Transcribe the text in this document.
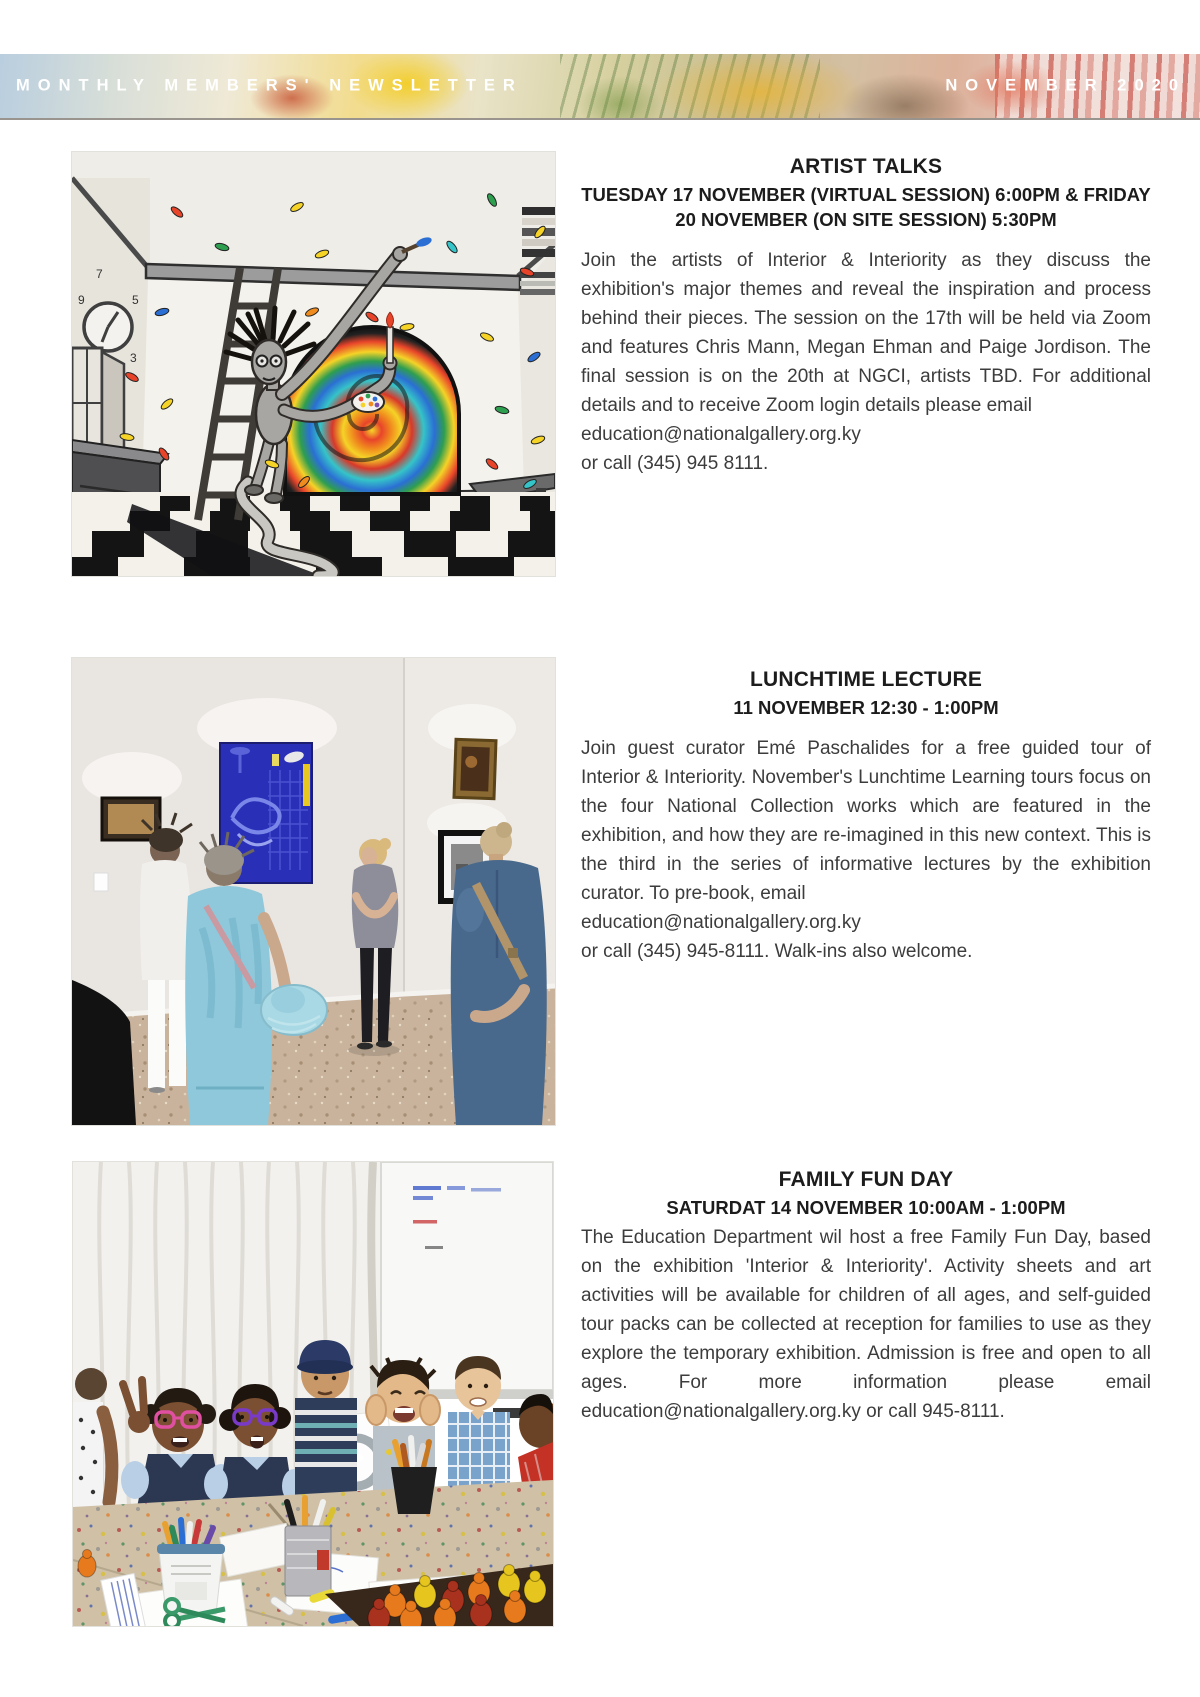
MONTHLY MEMBERS' NEWSLETTER	NOVEMBER 2020
9	5
3
7
ARTIST TALKS
TUESDAY 17 NOVEMBER (VIRTUAL SESSION) 6:00PM & FRIDAY 20 NOVEMBER (ON SITE SESSION) 5:30PM

Join the artists of Interior & Interiority as they discuss the exhibition's major themes and reveal the inspiration and process behind their pieces. The session on the 17th will be held via Zoom and features Chris Mann, Megan Ehman and Paige Jordison. The final session is on the 20th at NGCI, artists TBD. For additional details and to receive Zoom login details please email

education@nationalgallery.org.ky
or call (345) 945 8111.
LUNCHTIME LECTURE
11 NOVEMBER 12:30 - 1:00PM

Join guest curator Emé Paschalides for a free guided tour of Interior & Interiority. November's Lunchtime Learning tours focus on the four National Collection works which are featured in the exhibition, and how they are re-imagined in this new context. This is the third in the series of informative lectures by the exhibition curator. To pre-book, email

education@nationalgallery.org.ky
or call (345) 945-8111. Walk-ins also welcome.
FAMILY FUN DAY
SATURDAT 14 NOVEMBER 10:00AM - 1:00PM

The Education Department wil host a free Family Fun Day, based on the exhibition 'Interior & Interiority'. Activity sheets and art activities will be available for children of all ages, and self-guided tour packs can be collected at reception for families to use as they explore the temporary exhibition. Admission is free and open to all ages. For more information please email education@nationalgallery.org.ky or call 945-8111.
